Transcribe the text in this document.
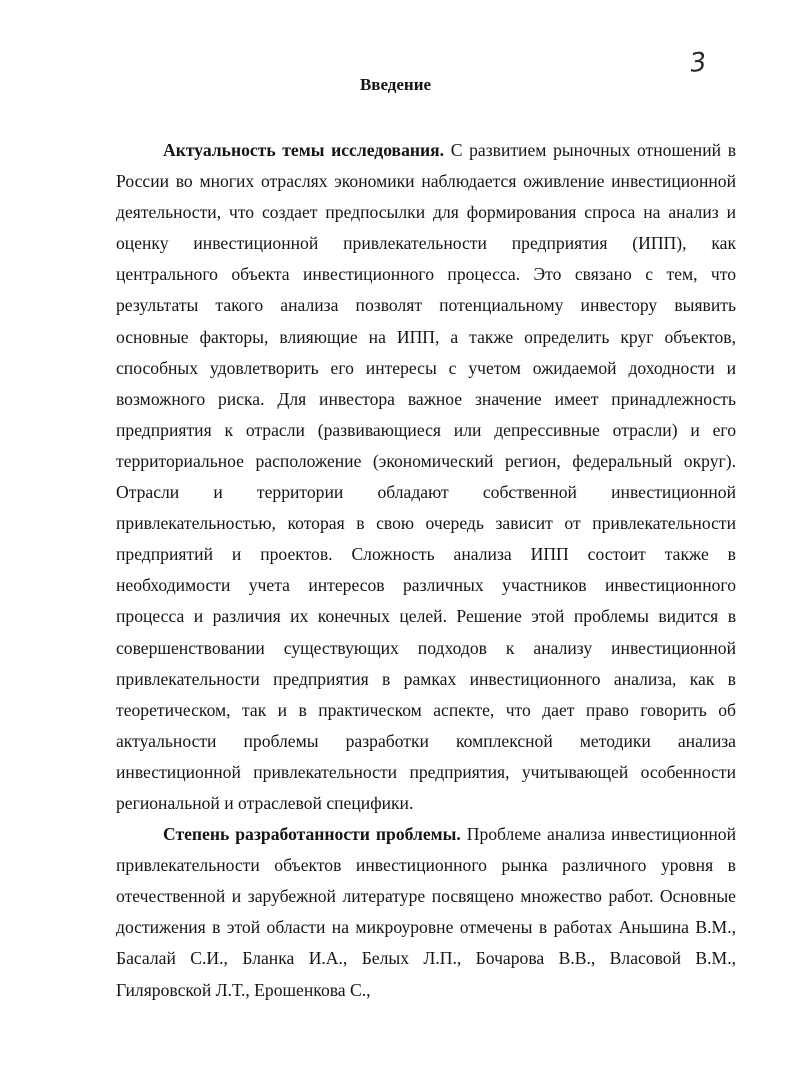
3
Введение

Актуальность темы исследования. С развитием рыночных отношений в России во многих отраслях экономики наблюдается оживление инвестиционной деятельности, что создает предпосылки для формирования спроса на анализ и оценку инвестиционной привлекательности предприятия (ИПП), как центрального объекта инвестиционного процесса. Это связано с тем, что результаты такого анализа позволят потенциальному инвестору выявить основные факторы, влияющие на ИПП, а также определить круг объектов, способных удовлетворить его интересы с учетом ожидаемой доходности и возможного риска. Для инвестора важное значение имеет принадлежность предприятия к отрасли (развивающиеся или депрессивные отрасли) и его территориальное расположение (экономический регион, федеральный округ). Отрасли и территории обладают собственной инвестиционной привлекательностью, которая в свою очередь зависит от привлекательности предприятий и проектов. Сложность анализа ИПП состоит также в необходимости учета интересов различных участников инвестиционного процесса и различия их конечных целей. Решение этой проблемы видится в совершенствовании существующих подходов к анализу инвестиционной привлекательности предприятия в рамках инвестиционного анализа, как в теоретическом, так и в практическом аспекте, что дает право говорить об актуальности проблемы разработки комплексной методики анализа инвестиционной привлекательности предприятия, учитывающей особенности региональной и отраслевой специфики.

Степень разработанности проблемы. Проблеме анализа инвестиционной привлекательности объектов инвестиционного рынка различного уровня в отечественной и зарубежной литературе посвящено множество работ. Основные достижения в этой области на микроуровне отмечены в работах Аньшина В.М., Басалай С.И., Бланка И.А., Белых Л.П., Бочарова В.В., Власовой В.М., Гиляровской Л.Т., Ерошенкова С.,
